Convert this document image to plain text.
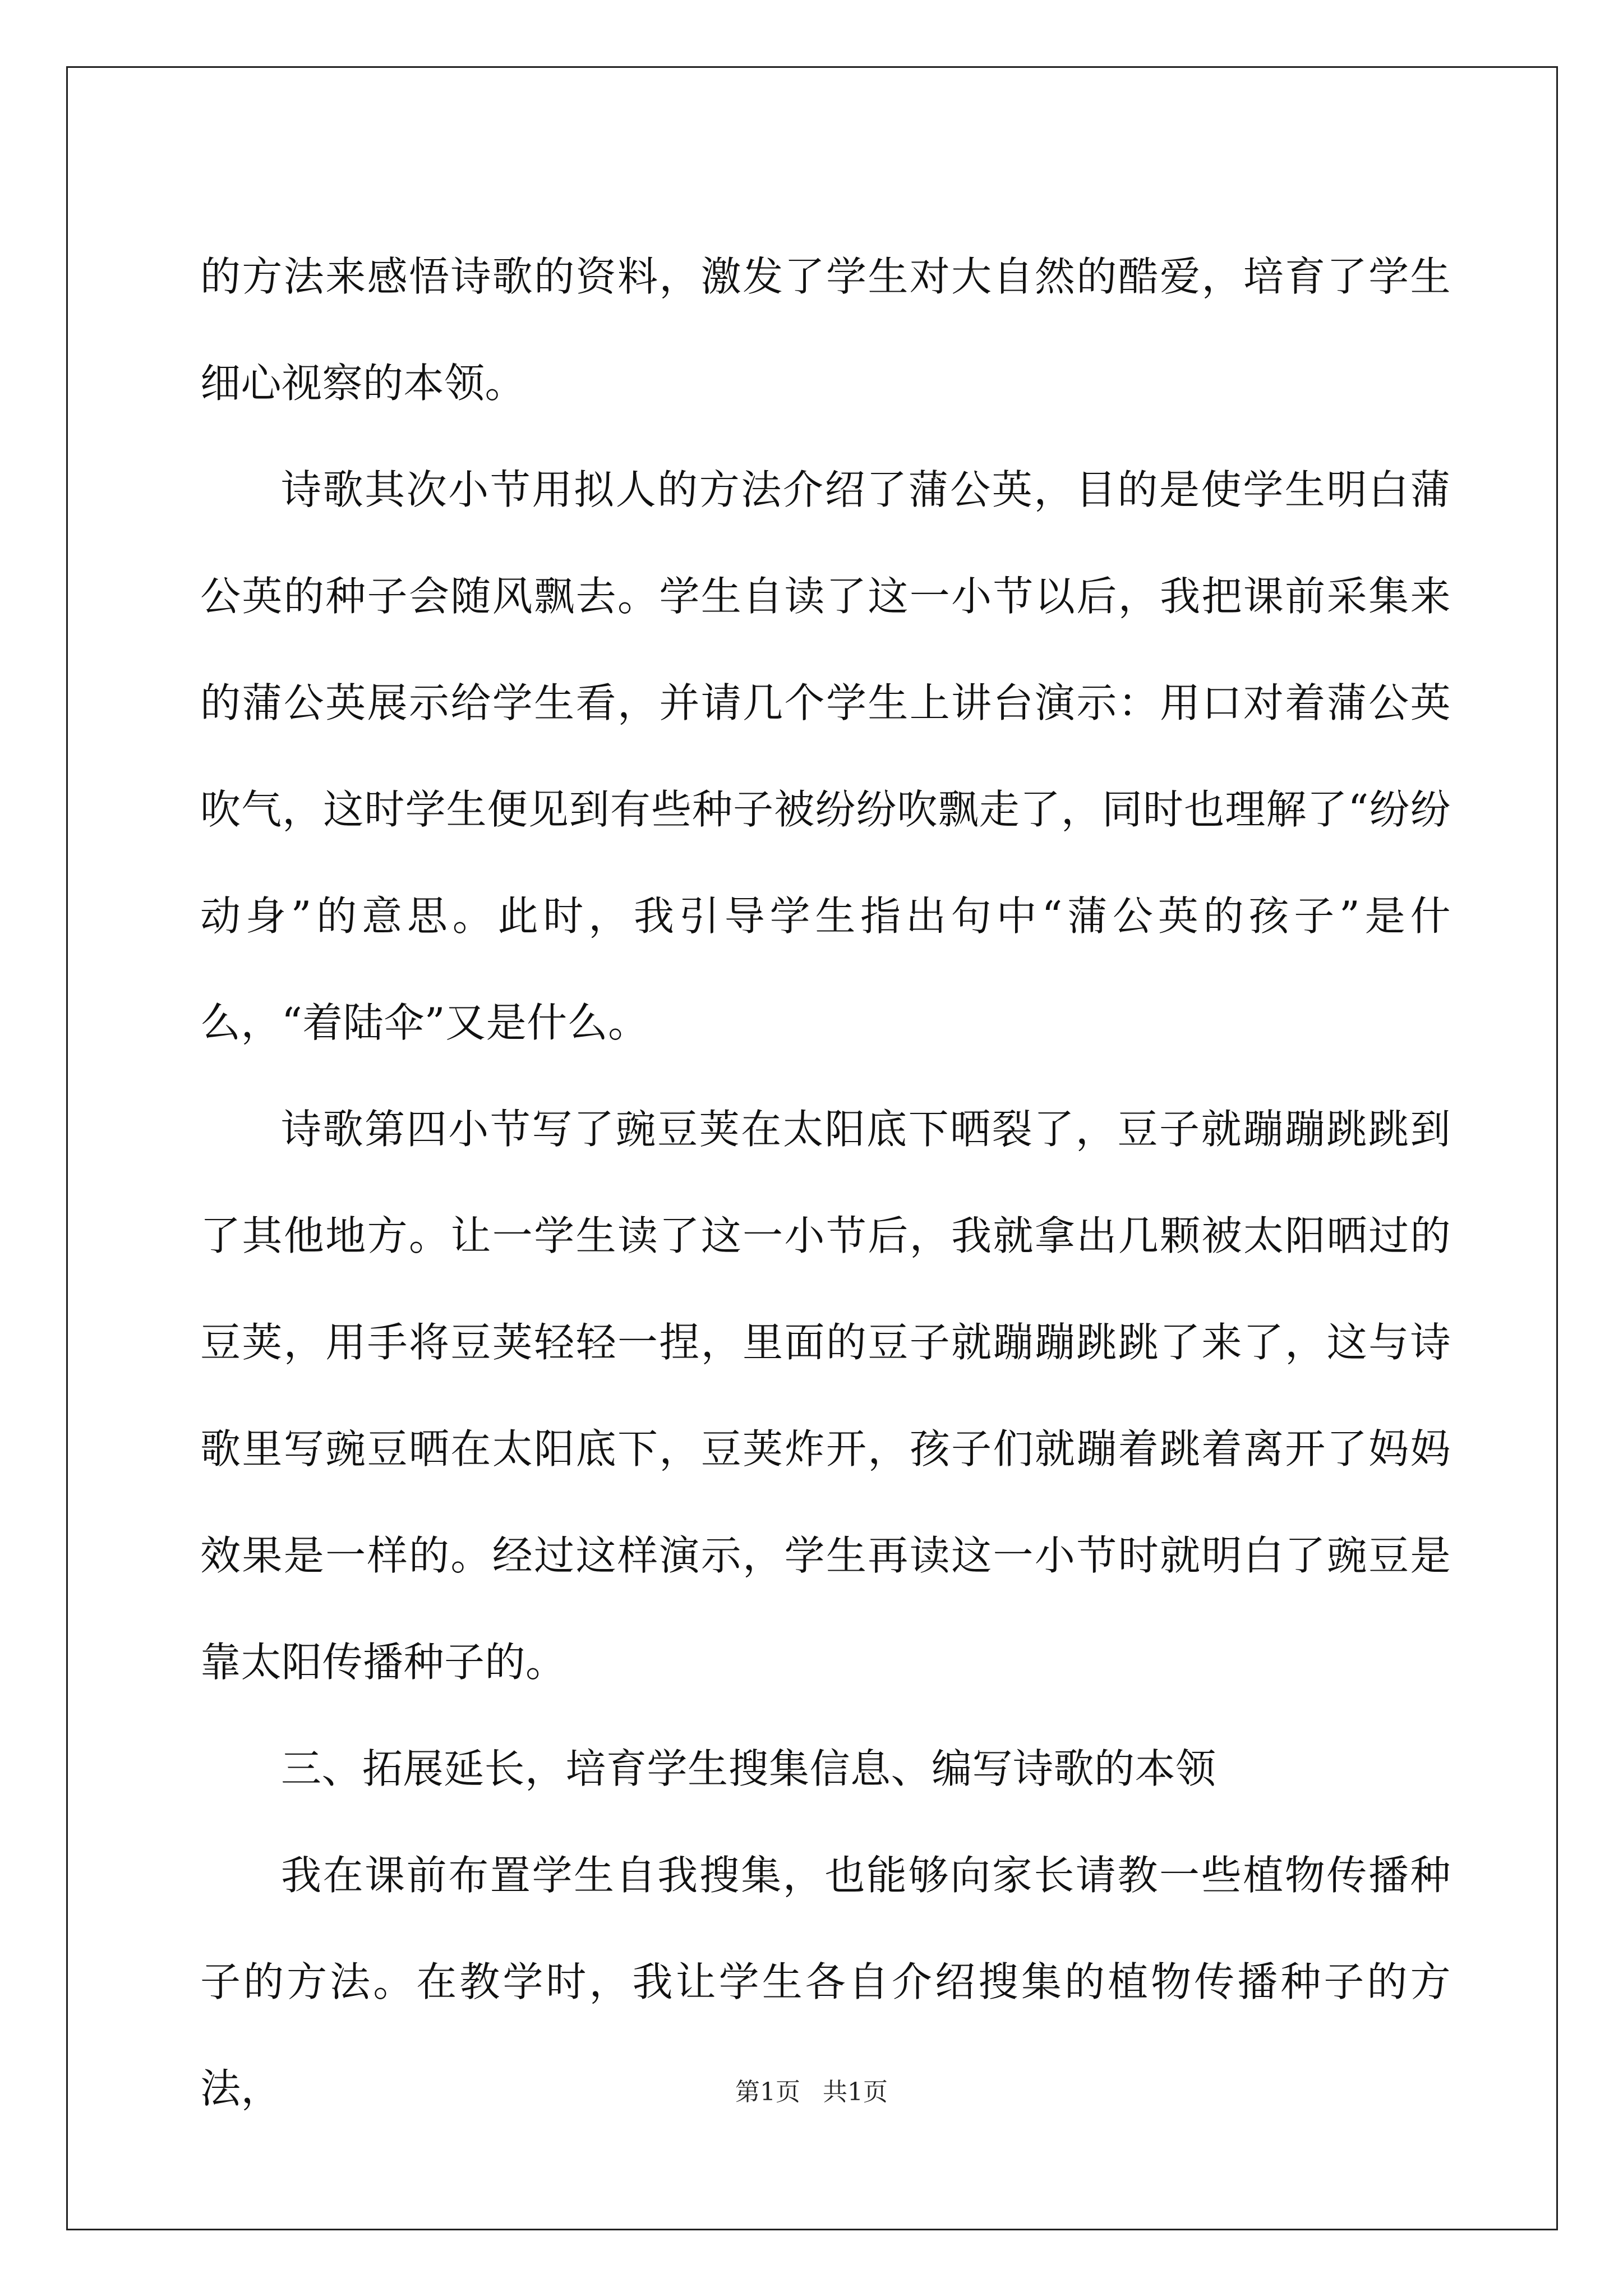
的方法来感悟诗歌的资料，激发了学生对大自然的酷爱，培育了学生细心视察的本领。

诗歌其次小节用拟人的方法介绍了蒲公英，目的是使学生明白蒲公英的种子会随风飘去。学生自读了这一小节以后，我把课前采集来的蒲公英展示给学生看，并请几个学生上讲台演示：用口对着蒲公英吹气，这时学生便见到有些种子被纷纷吹飘走了，同时也理解了“纷纷动身”的意思。此时，我引导学生指出句中“蒲公英的孩子”是什么，“着陆伞”又是什么。

诗歌第四小节写了豌豆荚在太阳底下晒裂了，豆子就蹦蹦跳跳到了其他地方。让一学生读了这一小节后，我就拿出几颗被太阳晒过的豆荚，用手将豆荚轻轻一捏，里面的豆子就蹦蹦跳跳了来了，这与诗歌里写豌豆晒在太阳底下，豆荚炸开，孩子们就蹦着跳着离开了妈妈效果是一样的。经过这样演示，学生再读这一小节时就明白了豌豆是靠太阳传播种子的。

三、拓展延长，培育学生搜集信息、编写诗歌的本领

我在课前布置学生自我搜集，也能够向家长请教一些植物传播种子的方法。在教学时，我让学生各自介绍搜集的植物传播种子的方法，	第1页 共1页
